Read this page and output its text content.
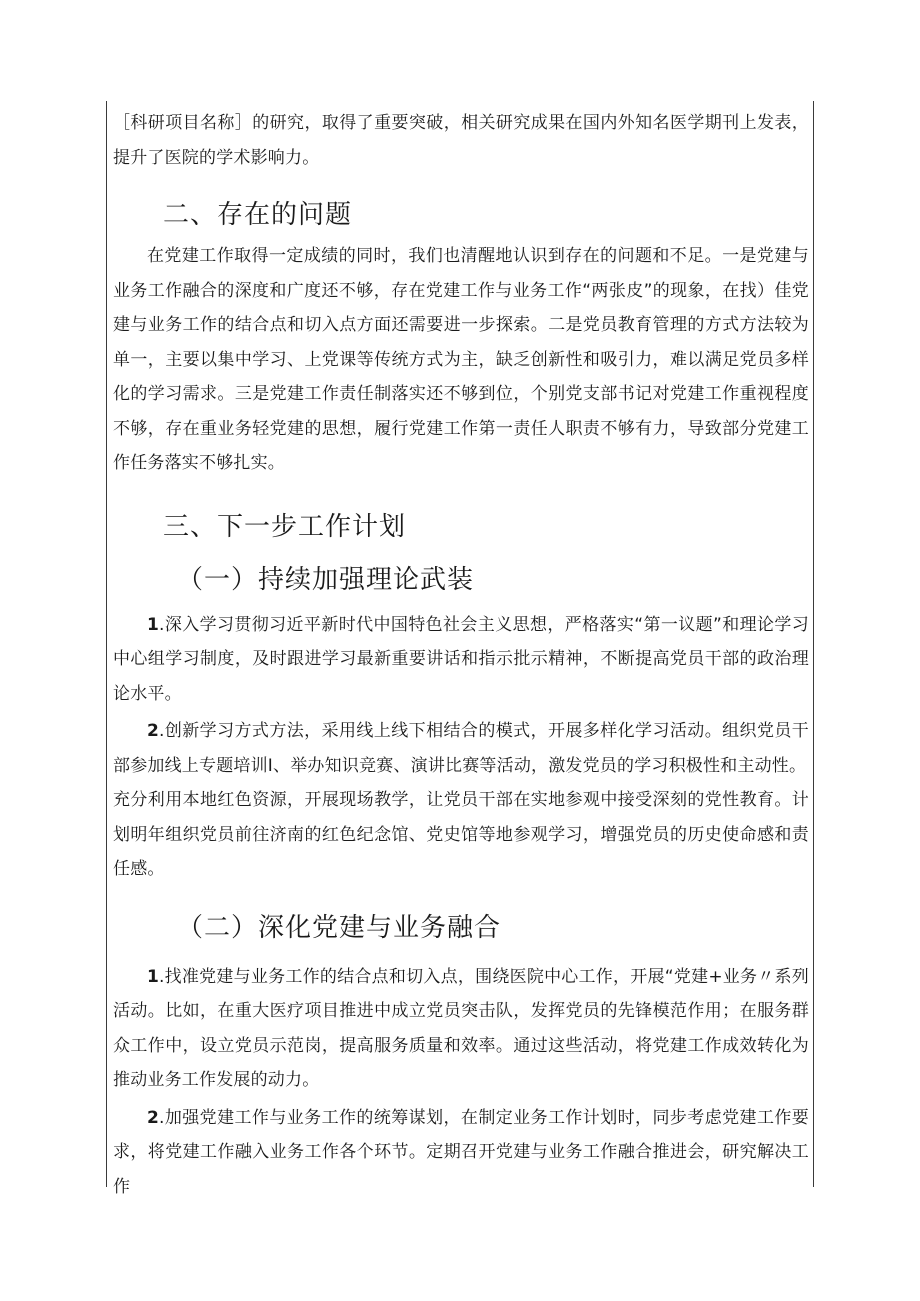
［科研项目名称］的研究，取得了重要突破，相关研究成果在国内外知名医学期刊上发表，提升了医院的学术影响力。

二、存在的问题

在党建工作取得一定成绩的同时，我们也清醒地认识到存在的问题和不足。一是党建与业务工作融合的深度和广度还不够，存在党建工作与业务工作“两张皮”的现象，在找）佳党建与业务工作的结合点和切入点方面还需要进一步探索。二是党员教育管理的方式方法较为单一，主要以集中学习、上党课等传统方式为主，缺乏创新性和吸引力，难以满足党员多样化的学习需求。三是党建工作责任制落实还不够到位，个别党支部书记对党建工作重视程度不够，存在重业务轻党建的思想，履行党建工作第一责任人职责不够有力，导致部分党建工作任务落实不够扎实。

三、下一步工作计划
（一）持续加强理论武装

1.深入学习贯彻习近平新时代中国特色社会主义思想，严格落实“第一议题”和理论学习中心组学习制度，及时跟进学习最新重要讲话和指示批示精神，不断提高党员干部的政治理论水平。

2.创新学习方式方法，采用线上线下相结合的模式，开展多样化学习活动。组织党员干部参加线上专题培训I、举办知识竞赛、演讲比赛等活动，激发党员的学习积极性和主动性。

充分利用本地红色资源，开展现场教学，让党员干部在实地参观中接受深刻的党性教育。计划明年组织党员前往济南的红色纪念馆、党史馆等地参观学习，增强党员的历史使命感和责任感。

（二）深化党建与业务融合

1.找准党建与业务工作的结合点和切入点，围绕医院中心工作，开展“党建+业务〃系列活动。比如，在重大医疗项目推进中成立党员突击队，发挥党员的先锋模范作用；在服务群众工作中，设立党员示范岗，提高服务质量和效率。通过这些活动，将党建工作成效转化为推动业务工作发展的动力。

2.加强党建工作与业务工作的统筹谋划，在制定业务工作计划时，同步考虑党建工作要求，将党建工作融入业务工作各个环节。定期召开党建与业务工作融合推进会，研究解决工作
